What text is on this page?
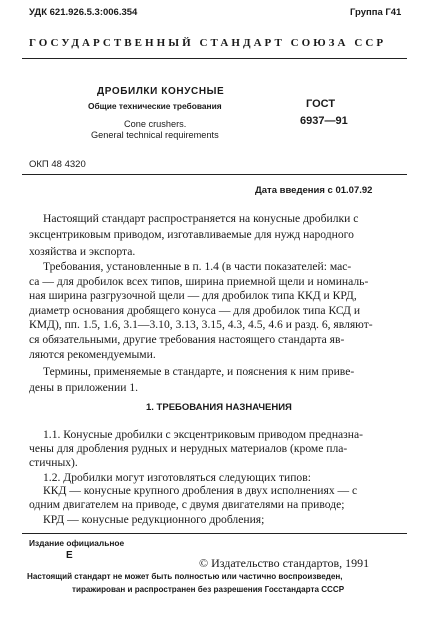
УДК 621.926.5.3:006.354	Группа Г41
ГОСУДАРСТВЕННЫЙ СТАНДАРТ СОЮЗА ССР
ДРОБИЛКИ КОНУСНЫЕ
Общие технические требования
Cone crushers.
General technical requirements
ГОСТ
6937—91
ОКП 48 4320
Дата введения с 01.07.92
Настоящий стандарт распространяется на конусные дробилки с
эксцентриковым приводом, изготавливаемые для нужд народного
хозяйства и экспорта.
Требования, установленные в п. 1.4 (в части показателей: мас-
са — для дробилок всех типов, ширина приемной щели и номиналь-
ная ширина разгрузочной щели — для дробилок типа ККД и КРД,
диаметр основания дробящего конуса — для дробилок типа КСД и
КМД), пп. 1.5, 1.6, 3.1—3.10, 3.13, 3.15, 4.3, 4.5, 4.6 и разд. 6, являют-
ся обязательными, другие требования настоящего стандарта яв-
ляются рекомендуемыми.
Термины, применяемые в стандарте, и пояснения к ним приве-
дены в приложении 1.
1. ТРЕБОВАНИЯ НАЗНАЧЕНИЯ
1.1. Конусные дробилки с эксцентриковым приводом предназна-
чены для дробления рудных и нерудных материалов (кроме пла-
стичных).
1.2. Дробилки могут изготовляться следующих типов:
ККД — конусные крупного дробления в двух исполнениях — с
одним двигателем на приводе, с двумя двигателями на приводе;
КРД — конусные редукционного дробления;
Издание официальное
Е
© Издательство стандартов, 1991
Настоящий стандарт не может быть полностью или частично воспроизведен,
тиражирован и распространен без разрешения Госстандарта СССР
